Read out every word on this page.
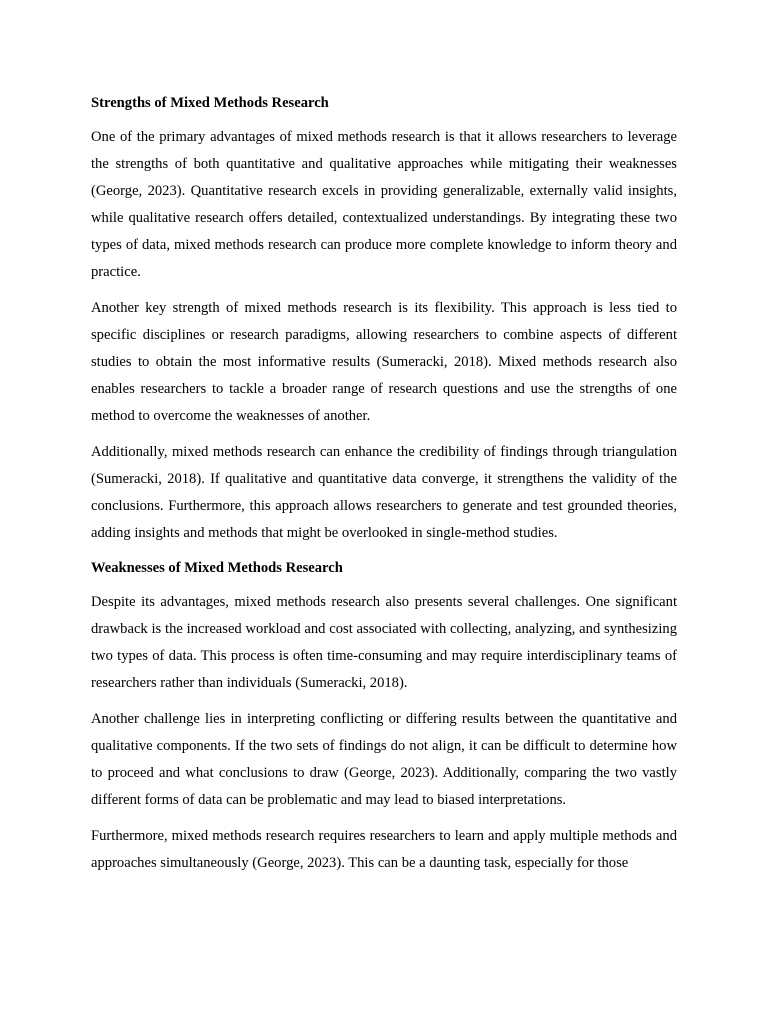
Strengths of Mixed Methods Research

One of the primary advantages of mixed methods research is that it allows researchers to leverage the strengths of both quantitative and qualitative approaches while mitigating their weaknesses (George, 2023). Quantitative research excels in providing generalizable, externally valid insights, while qualitative research offers detailed, contextualized understandings. By integrating these two types of data, mixed methods research can produce more complete knowledge to inform theory and practice.

Another key strength of mixed methods research is its flexibility. This approach is less tied to specific disciplines or research paradigms, allowing researchers to combine aspects of different studies to obtain the most informative results (Sumeracki, 2018). Mixed methods research also enables researchers to tackle a broader range of research questions and use the strengths of one method to overcome the weaknesses of another.

Additionally, mixed methods research can enhance the credibility of findings through triangulation (Sumeracki, 2018). If qualitative and quantitative data converge, it strengthens the validity of the conclusions. Furthermore, this approach allows researchers to generate and test grounded theories, adding insights and methods that might be overlooked in single-method studies.

Weaknesses of Mixed Methods Research

Despite its advantages, mixed methods research also presents several challenges. One significant drawback is the increased workload and cost associated with collecting, analyzing, and synthesizing two types of data. This process is often time-consuming and may require interdisciplinary teams of researchers rather than individuals (Sumeracki, 2018).

Another challenge lies in interpreting conflicting or differing results between the quantitative and qualitative components. If the two sets of findings do not align, it can be difficult to determine how to proceed and what conclusions to draw (George, 2023). Additionally, comparing the two vastly different forms of data can be problematic and may lead to biased interpretations.

Furthermore, mixed methods research requires researchers to learn and apply multiple methods and approaches simultaneously (George, 2023). This can be a daunting task, especially for those
